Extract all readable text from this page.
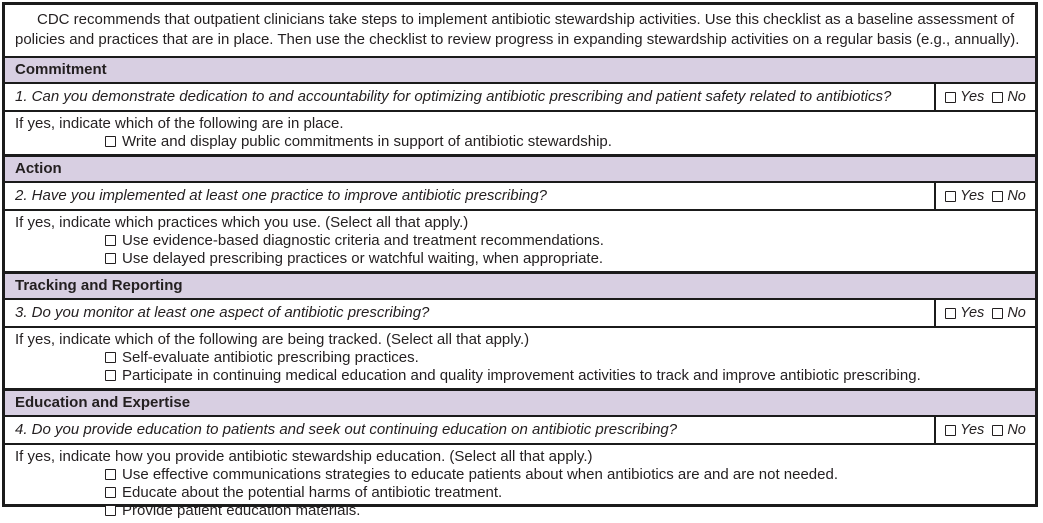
CDC recommends that outpatient clinicians take steps to implement antibiotic stewardship activities. Use this checklist as a baseline assessment of policies and practices that are in place. Then use the checklist to review progress in expanding stewardship activities on a regular basis (e.g., annually).

Commitment
1. Can you demonstrate dedication to and accountability for optimizing antibiotic prescribing and patient safety related to antibiotics?	Yes No
If yes, indicate which of the following are in place.
Write and display public commitments in support of antibiotic stewardship.
Action
2. Have you implemented at least one practice to improve antibiotic prescribing?	Yes No
If yes, indicate which practices which you use. (Select all that apply.)
Use evidence-based diagnostic criteria and treatment recommendations.
Use delayed prescribing practices or watchful waiting, when appropriate.
Tracking and Reporting
3. Do you monitor at least one aspect of antibiotic prescribing?	Yes No
If yes, indicate which of the following are being tracked. (Select all that apply.)
Self-evaluate antibiotic prescribing practices.
Participate in continuing medical education and quality improvement activities to track and improve antibiotic prescribing.
Education and Expertise
4. Do you provide education to patients and seek out continuing education on antibiotic prescribing?	Yes No
If yes, indicate how you provide antibiotic stewardship education. (Select all that apply.)
Use effective communications strategies to educate patients about when antibiotics are and are not needed.
Educate about the potential harms of antibiotic treatment.
Provide patient education materials.
